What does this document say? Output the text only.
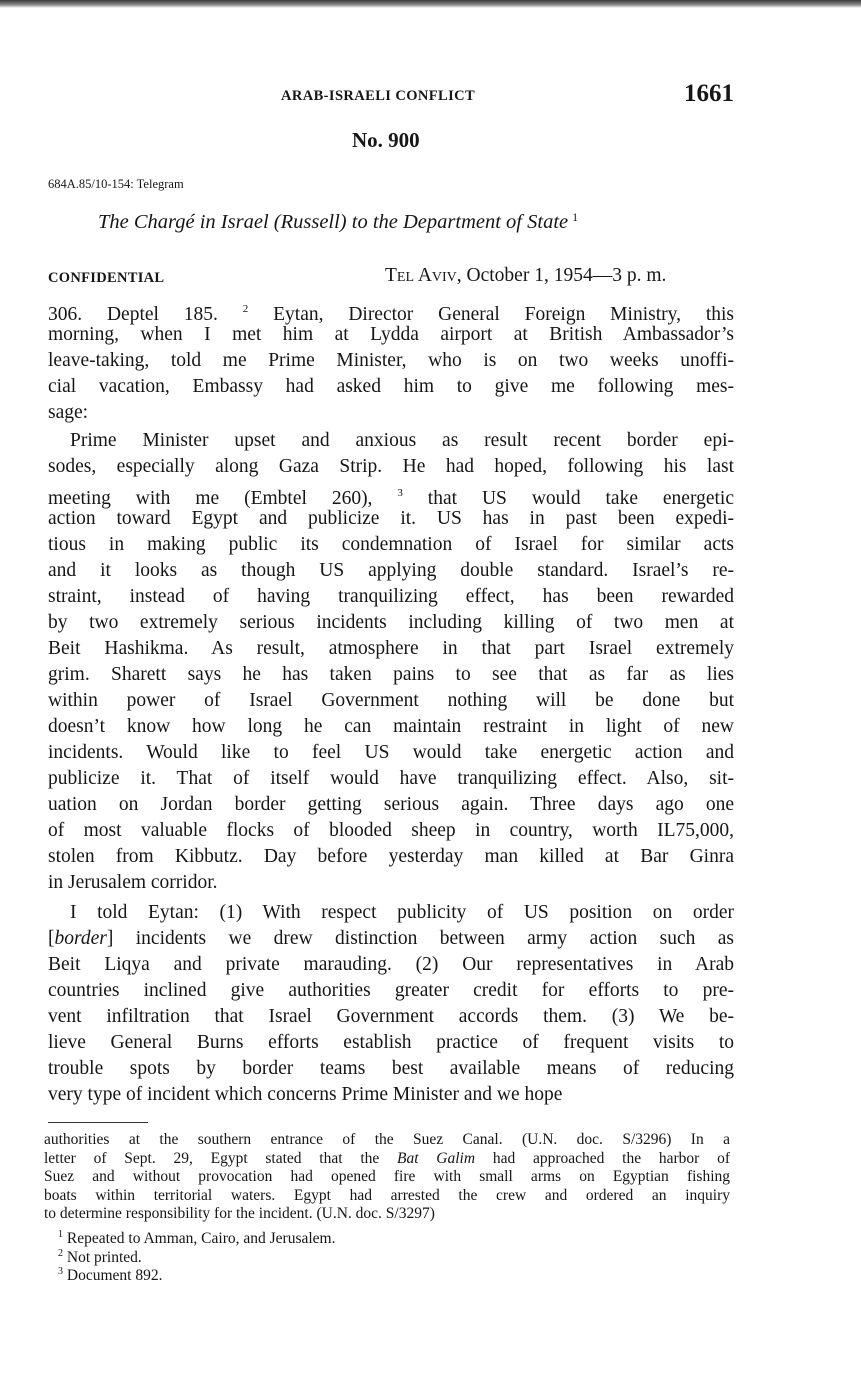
ARAB-ISRAELI CONFLICT	1661
No. 900
684A.85/10-154: Telegram
The Chargé in Israel (Russell) to the Department of State $^1$
CONFIDENTIAL	Tel Aviv, October 1, 1954—3 p. m.
306. Deptel 185. $^2$ Eytan, Director General Foreign Ministry, this
morning, when I met him at Lydda airport at British Ambassador’s
leave-taking, told me Prime Minister, who is on two weeks unoffi-
cial vacation, Embassy had asked him to give me following mes-
sage:
Prime Minister upset and anxious as result recent border epi-
sodes, especially along Gaza Strip. He had hoped, following his last
meeting with me (Embtel 260), $^3$ that US would take energetic
action toward Egypt and publicize it. US has in past been expedi-
tious in making public its condemnation of Israel for similar acts
and it looks as though US applying double standard. Israel’s re-
straint, instead of having tranquilizing effect, has been rewarded
by two extremely serious incidents including killing of two men at
Beit Hashikma. As result, atmosphere in that part Israel extremely
grim. Sharett says he has taken pains to see that as far as lies
within power of Israel Government nothing will be done but
doesn’t know how long he can maintain restraint in light of new
incidents. Would like to feel US would take energetic action and
publicize it. That of itself would have tranquilizing effect. Also, sit-
uation on Jordan border getting serious again. Three days ago one
of most valuable flocks of blooded sheep in country, worth IL75,000,
stolen from Kibbutz. Day before yesterday man killed at Bar Ginra
in Jerusalem corridor.
I told Eytan: (1) With respect publicity of US position on order
[border] incidents we drew distinction between army action such as
Beit Liqya and private marauding. (2) Our representatives in Arab
countries inclined give authorities greater credit for efforts to pre-
vent infiltration that Israel Government accords them. (3) We be-
lieve General Burns efforts establish practice of frequent visits to
trouble spots by border teams best available means of reducing
very type of incident which concerns Prime Minister and we hope
authorities at the southern entrance of the Suez Canal. (U.N. doc. S/3296) In a
letter of Sept. 29, Egypt stated that the Bat Galim had approached the harbor of
Suez and without provocation had opened fire with small arms on Egyptian fishing
boats within territorial waters. Egypt had arrested the crew and ordered an inquiry
to determine responsibility for the incident. (U.N. doc. S/3297)
$^1$ Repeated to Amman, Cairo, and Jerusalem.
$^2$ Not printed.
$^3$ Document 892.
